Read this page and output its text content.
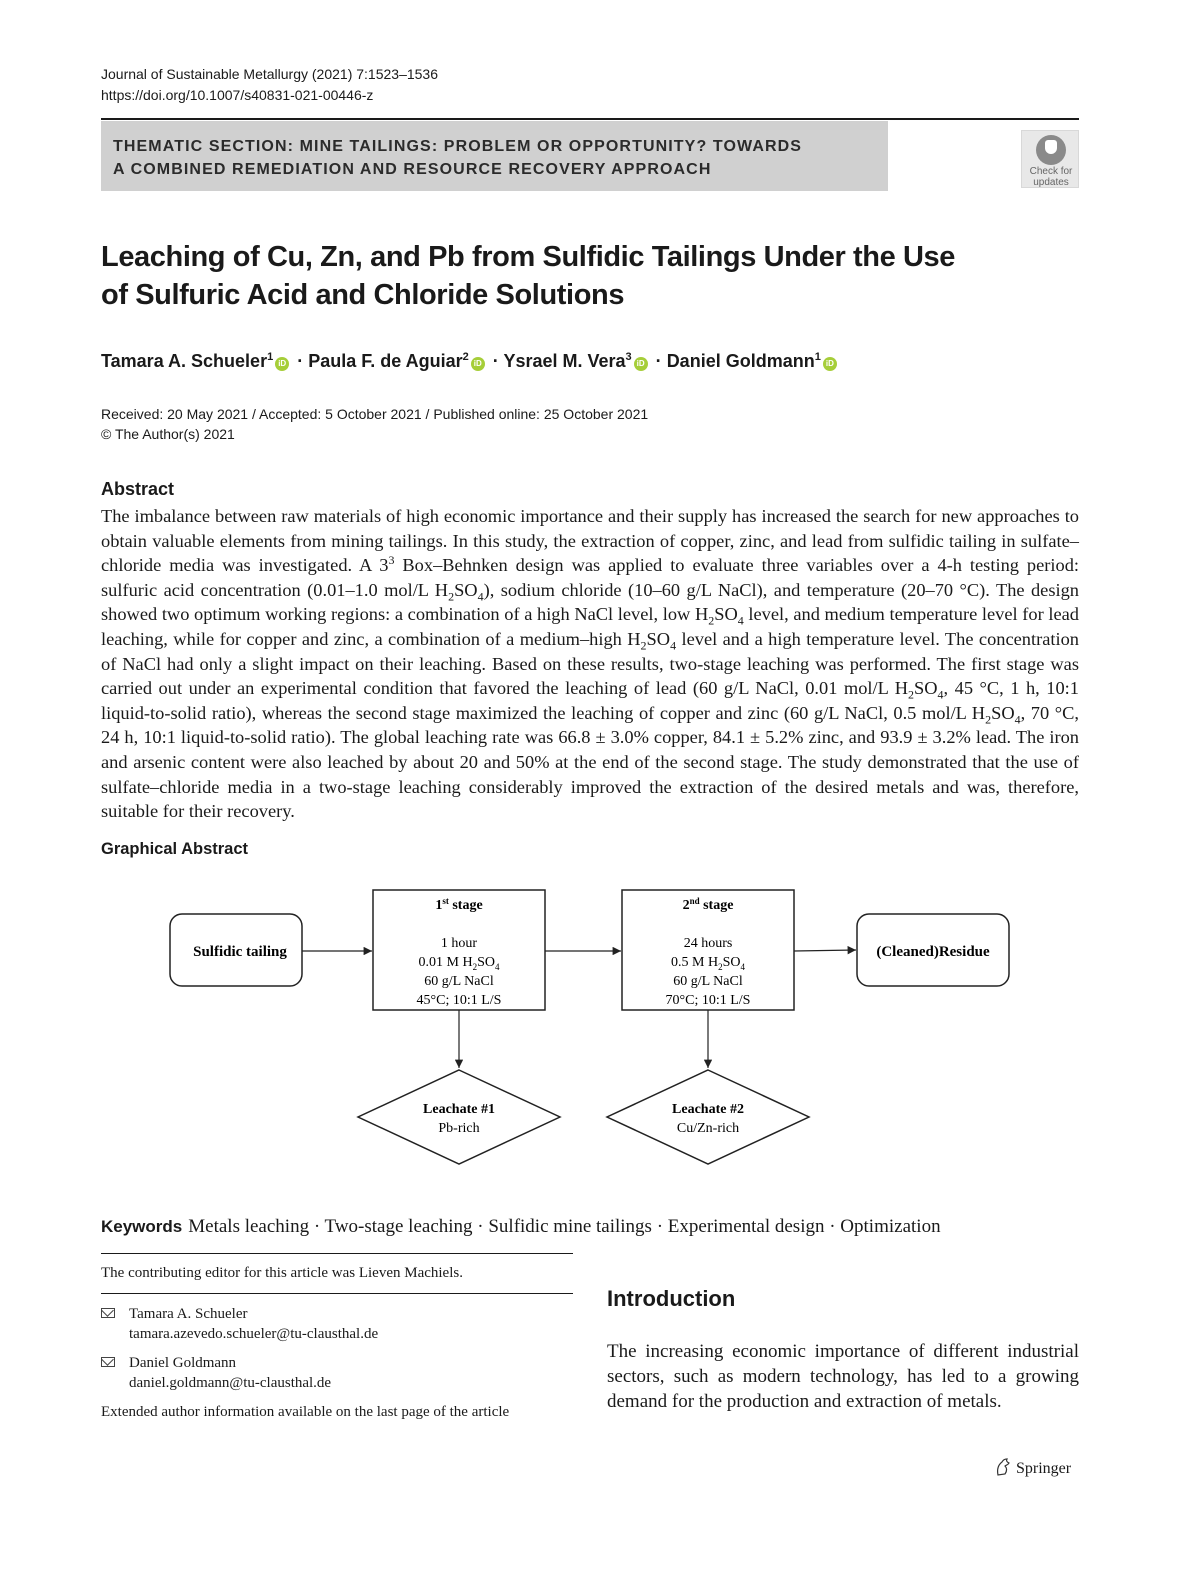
Journal of Sustainable Metallurgy (2021) 7:1523–1536
https://doi.org/10.1007/s40831-021-00446-z
THEMATIC SECTION: MINE TAILINGS: PROBLEM OR OPPORTUNITY? TOWARDS
A COMBINED REMEDIATION AND RESOURCE RECOVERY APPROACH	Check for
updates
Leaching of Cu, Zn, and Pb from Sulfidic Tailings Under the Use
of Sulfuric Acid and Chloride Solutions
Tamara A. Schueler$^1$iD · Paula F. de Aguiar$^2$iD · Ysrael M. Vera$^3$iD · Daniel Goldmann$^1$iD
Received: 20 May 2021 / Accepted: 5 October 2021 / Published online: 25 October 2021
© The Author(s) 2021
Abstract
The imbalance between raw materials of high economic importance and their supply has increased the search for new approaches to obtain valuable elements from mining tailings. In this study, the extraction of copper, zinc, and lead from sulfidic tailing in sulfate–chloride media was investigated. A $3^3$ Box–Behnken design was applied to evaluate three variables over a 4-h testing period: sulfuric acid concentration (0.01–1.0 mol/L $H_2SO_4$), sodium chloride (10–60 g/L NaCl), and temperature (20–70 °C). The design showed two optimum working regions: a combination of a high NaCl level, low $H_2SO_4$ level, and medium temperature level for lead leaching, while for copper and zinc, a combination of a medium–high $H_2SO_4$ level and a high temperature level. The concentration of NaCl had only a slight impact on their leaching. Based on these results, two-stage leaching was performed. The first stage was carried out under an experimental condition that favored the leaching of lead (60 g/L NaCl, 0.01 mol/L $H_2SO_4$, 45 °C, 1 h, 10:1 liquid-to-solid ratio), whereas the second stage maximized the leaching of copper and zinc (60 g/L NaCl, 0.5 mol/L $H_2SO_4$, 70 °C, 24 h, 10:1 liquid-to-solid ratio). The global leaching rate was 66.8 ± 3.0% copper, 84.1 ± 5.2% zinc, and 93.9 ± 3.2% lead. The iron and arsenic content were also leached by about 20 and 50% at the end of the second stage. The study demonstrated that the use of sulfate–chloride media in a two-stage leaching considerably improved the extraction of the desired metals and was, therefore, suitable for their recovery.
Graphical Abstract
Sulfidic tailing
1st stage
1 hour
0.01 M $H_2SO_4$
60 g/L NaCl
45°C; 10:1 L/S
2nd stage
24 hours
0.5 M $H_2SO_4$
60 g/L NaCl
70°C; 10:1 L/S
(Cleaned)Residue
Leachate #1
Pb-rich
Leachate #2
Cu/Zn-rich
Keywords Metals leaching · Two-stage leaching · Sulfidic mine tailings · Experimental design · Optimization
The contributing editor for this article was Lieven Machiels.
Tamara A. Schueler
tamara.azevedo.schueler@tu-clausthal.de
Daniel Goldmann
daniel.goldmann@tu-clausthal.de
Extended author information available on the last page of the article
Introduction
The increasing economic importance of different industrial sectors, such as modern technology, has led to a growing demand for the production and extraction of metals.
Springer
